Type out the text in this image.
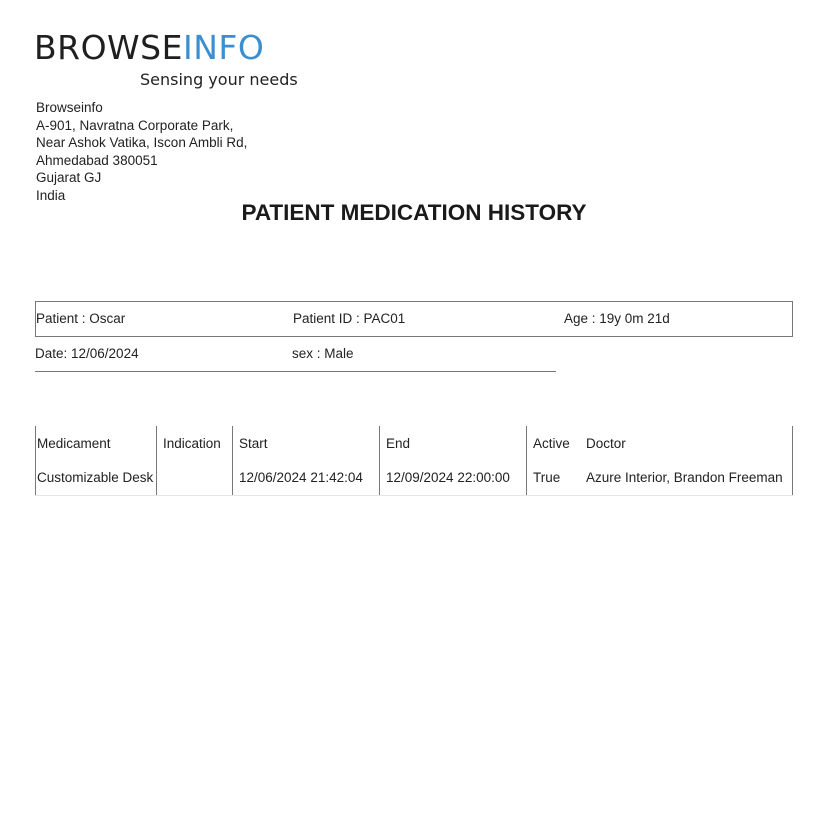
BROWSEINFO
Sensing your needs
Browseinfo
A-901, Navratna Corporate Park,
Near Ashok Vatika, Iscon Ambli Rd,
Ahmedabad 380051
Gujarat GJ
India
PATIENT MEDICATION HISTORY
Patient : Oscar	Patient ID : PAC01	Age : 19y 0m 21d
Date: 12/06/2024	sex : Male
Medicament	Indication	Start	End	Active	Doctor
Customizable Desk		12/06/2024 21:42:04	12/09/2024 22:00:00	True	Azure Interior, Brandon Freeman
